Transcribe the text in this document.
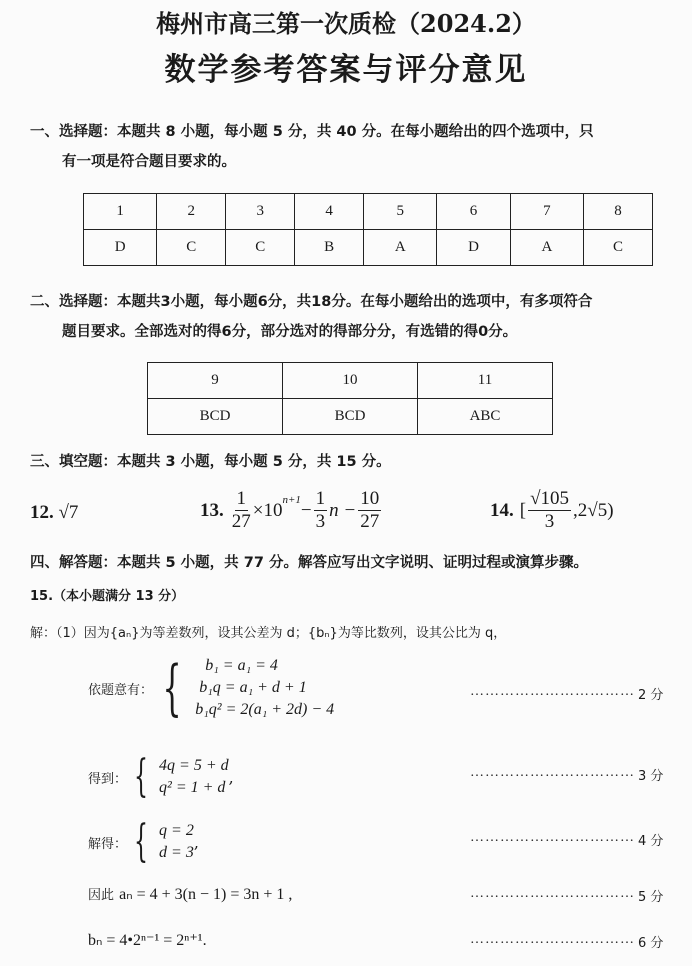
梅州市高三第一次质检（2024.2）
数学参考答案与评分意见
一、选择题：本题共 8 小题，每小题 5 分，共 40 分。在每小题给出的四个选项中，只
有一项是符合题目要求的。
1	2	3	4	5	6	7	8
D	C	C	B	A	D	A	C
二、选择题：本题共3小题，每小题6分，共18分。在每小题给出的选项中，有多项符合
题目要求。全部选对的得6分，部分选对的得部分分，有选错的得0分。
9	10	11
BCD	BCD	ABC
三、填空题：本题共 3 小题，每小题 5 分，共 15 分。
12. √7	13. $\frac{1}{27} \times 10^{n+1} - \frac{1}{3}$ $n - \frac{10}{27}$	14. [ $\frac{√105}{3} ,2√5$)
四、解答题：本题共 5 小题，共 77 分。解答应写出文字说明、证明过程或演算步骤。
15.（本小题满分 13 分）
解：（1）因为{aₙ}为等差数列，设其公差为 d；{bₙ}为等比数列，设其公比为 q，
依题意有： {	b₁ = a₁ = 4
b₁q = a₁ + d + 1
b₁q² = 2(a₁ + 2d) − 4
…………………………… 2 分
得到： { 4q = 5 + d
q² = 1 + d
,	…………………………… 3 分
解得： { q = 2
d = 3
,	…………………………… 4 分
因此 aₙ = 4 + 3(n − 1) = 3n + 1 ,	…………………………… 5 分
bₙ = 4•2ⁿ⁻¹ = 2ⁿ⁺¹.	…………………………… 6 分
